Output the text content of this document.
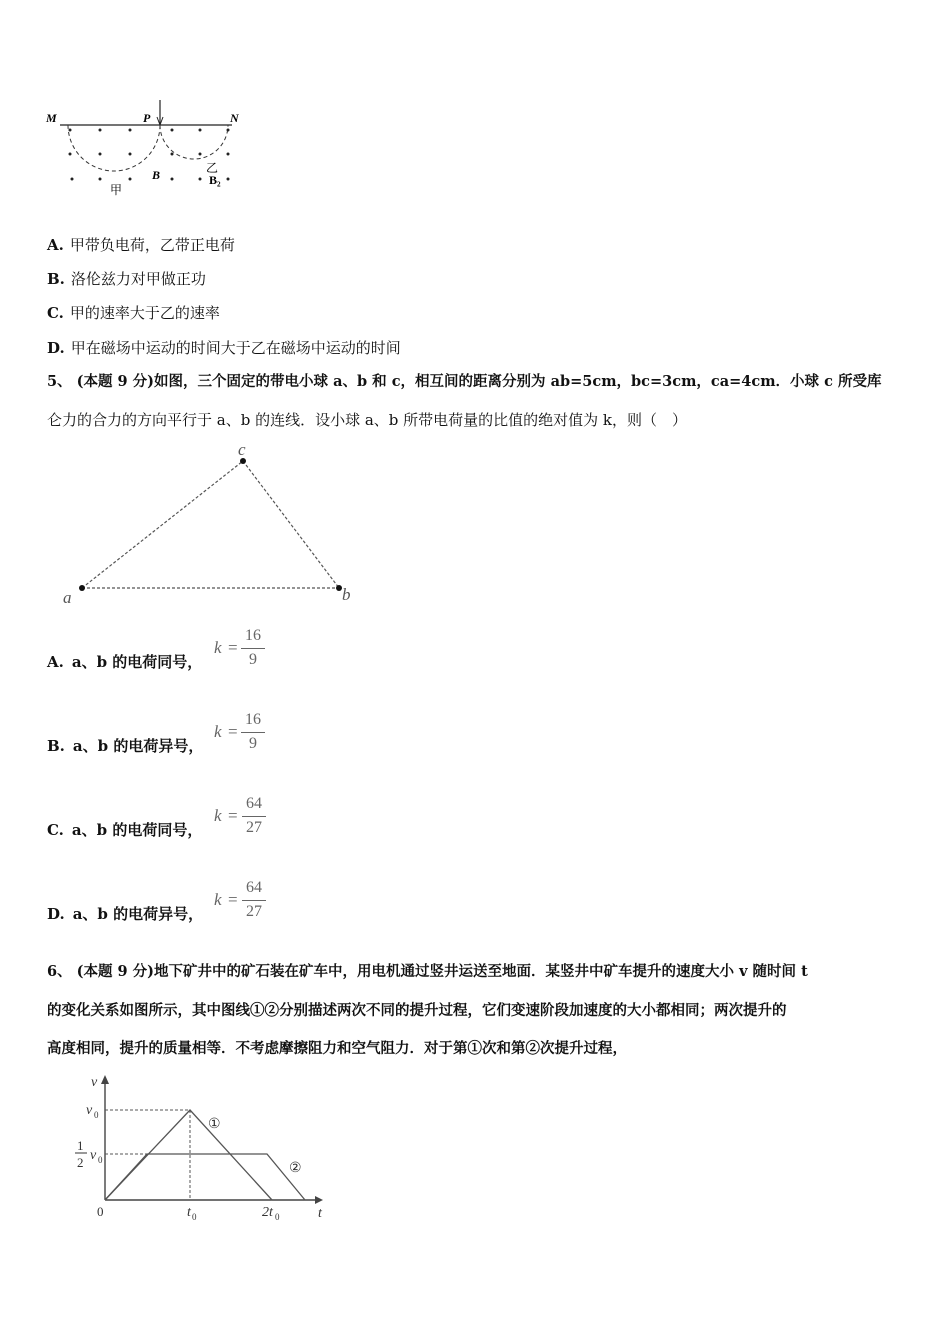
M	P	N
B	乙
B₂
甲
A. 甲带负电荷，乙带正电荷
B. 洛伦兹力对甲做正功
C. 甲的速率大于乙的速率
D. 甲在磁场中运动的时间大于乙在磁场中运动的时间
5、 (本题 9 分)如图，三个固定的带电小球 a、b 和 c，相互间的距离分别为 ab=5cm，bc=3cm，ca=4cm．小球 c 所受库
仑力的合力的方向平行于 a、b 的连线．设小球 a、b 所带电荷量的比值的绝对值为 k，则（　）
a	b
c
A. a、b 的电荷同号，
k =
16
9
B. a、b 的电荷异号，
k =
16
9
C. a、b 的电荷同号，
k =
64
27
D. a、b 的电荷异号，
k =
64
27
6、 (本题 9 分)地下矿井中的矿石装在矿车中，用电机通过竖井运送至地面．某竖井中矿车提升的速度大小 v 随时间 t
的变化关系如图所示，其中图线①②分别描述两次不同的提升过程，它们变速阶段加速度的大小都相同；两次提升的
高度相同，提升的质量相等．不考虑摩擦阻力和空气阻力．对于第①次和第②次提升过程，
v
t
0
v 0
1
2 v 0
t 0	2t 0
①
②
